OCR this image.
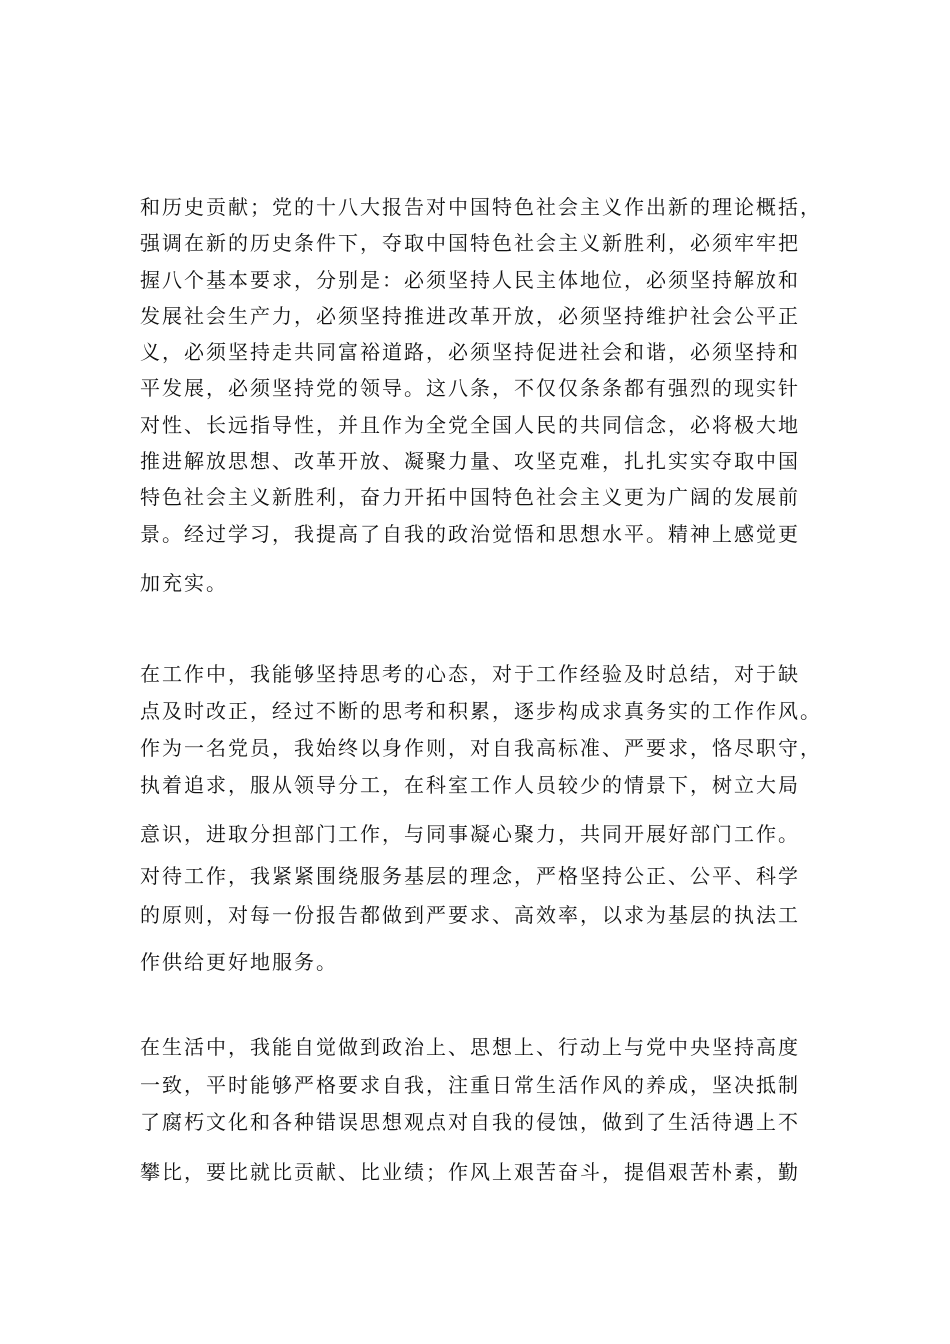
和历史贡献；党的十八大报告对中国特色社会主义作出新的理论概括，
强调在新的历史条件下，夺取中国特色社会主义新胜利，必须牢牢把
握八个基本要求，分别是：必须坚持人民主体地位，必须坚持解放和
发展社会生产力，必须坚持推进改革开放，必须坚持维护社会公平正
义，必须坚持走共同富裕道路，必须坚持促进社会和谐，必须坚持和
平发展，必须坚持党的领导。这八条，不仅仅条条都有强烈的现实针
对性、长远指导性，并且作为全党全国人民的共同信念，必将极大地
推进解放思想、改革开放、凝聚力量、攻坚克难，扎扎实实夺取中国
特色社会主义新胜利，奋力开拓中国特色社会主义更为广阔的发展前
景。经过学习，我提高了自我的政治觉悟和思想水平。精神上感觉更
加充实。
在工作中，我能够坚持思考的心态，对于工作经验及时总结，对于缺
点及时改正，经过不断的思考和积累，逐步构成求真务实的工作作风。
作为一名党员，我始终以身作则，对自我高标准、严要求，恪尽职守，
执着追求，服从领导分工，在科室工作人员较少的情景下，树立大局
意识，进取分担部门工作，与同事凝心聚力，共同开展好部门工作。
对待工作，我紧紧围绕服务基层的理念，严格坚持公正、公平、科学
的原则，对每一份报告都做到严要求、高效率，以求为基层的执法工
作供给更好地服务。
在生活中，我能自觉做到政治上、思想上、行动上与党中央坚持高度
一致，平时能够严格要求自我，注重日常生活作风的养成，坚决抵制
了腐朽文化和各种错误思想观点对自我的侵蚀，做到了生活待遇上不
攀比，要比就比贡献、比业绩；作风上艰苦奋斗，提倡艰苦朴素，勤
